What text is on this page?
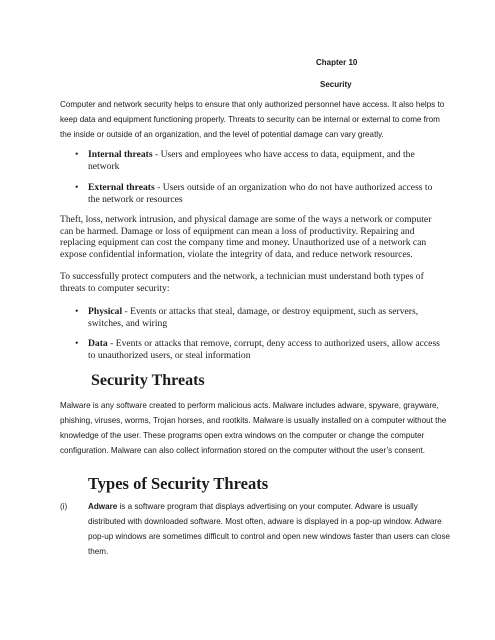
Chapter 10
Security

Computer and network security helps to ensure that only authorized personnel have access. It also helps to keep data and equipment functioning properly. Threats to security can be internal or external to come from the inside or outside of an organization, and the level of potential damage can vary greatly.

• Internal threats - Users and employees who have access to data, equipment, and the network
• External threats - Users outside of an organization who do not have authorized access to the network or resources

Theft, loss, network intrusion, and physical damage are some of the ways a network or computer can be harmed. Damage or loss of equipment can mean a loss of productivity. Repairing and replacing equipment can cost the company time and money. Unauthorized use of a network can expose confidential information, violate the integrity of data, and reduce network resources.

To successfully protect computers and the network, a technician must understand both types of threats to computer security:

• Physical - Events or attacks that steal, damage, or destroy equipment, such as servers, switches, and wiring
• Data - Events or attacks that remove, corrupt, deny access to authorized users, allow access to unauthorized users, or steal information
Security Threats

Malware is any software created to perform malicious acts. Malware includes adware, spyware, grayware, phishing, viruses, worms, Trojan horses, and rootkits. Malware is usually installed on a computer without the knowledge of the user. These programs open extra windows on the computer or change the computer configuration. Malware can also collect information stored on the computer without the user’s consent.

Types of Security Threats
(i)	Adware is a software program that displays advertising on your computer. Adware is usually distributed with downloaded software. Most often, adware is displayed in a pop-up window. Adware pop-up windows are sometimes difficult to control and open new windows faster than users can close them.
